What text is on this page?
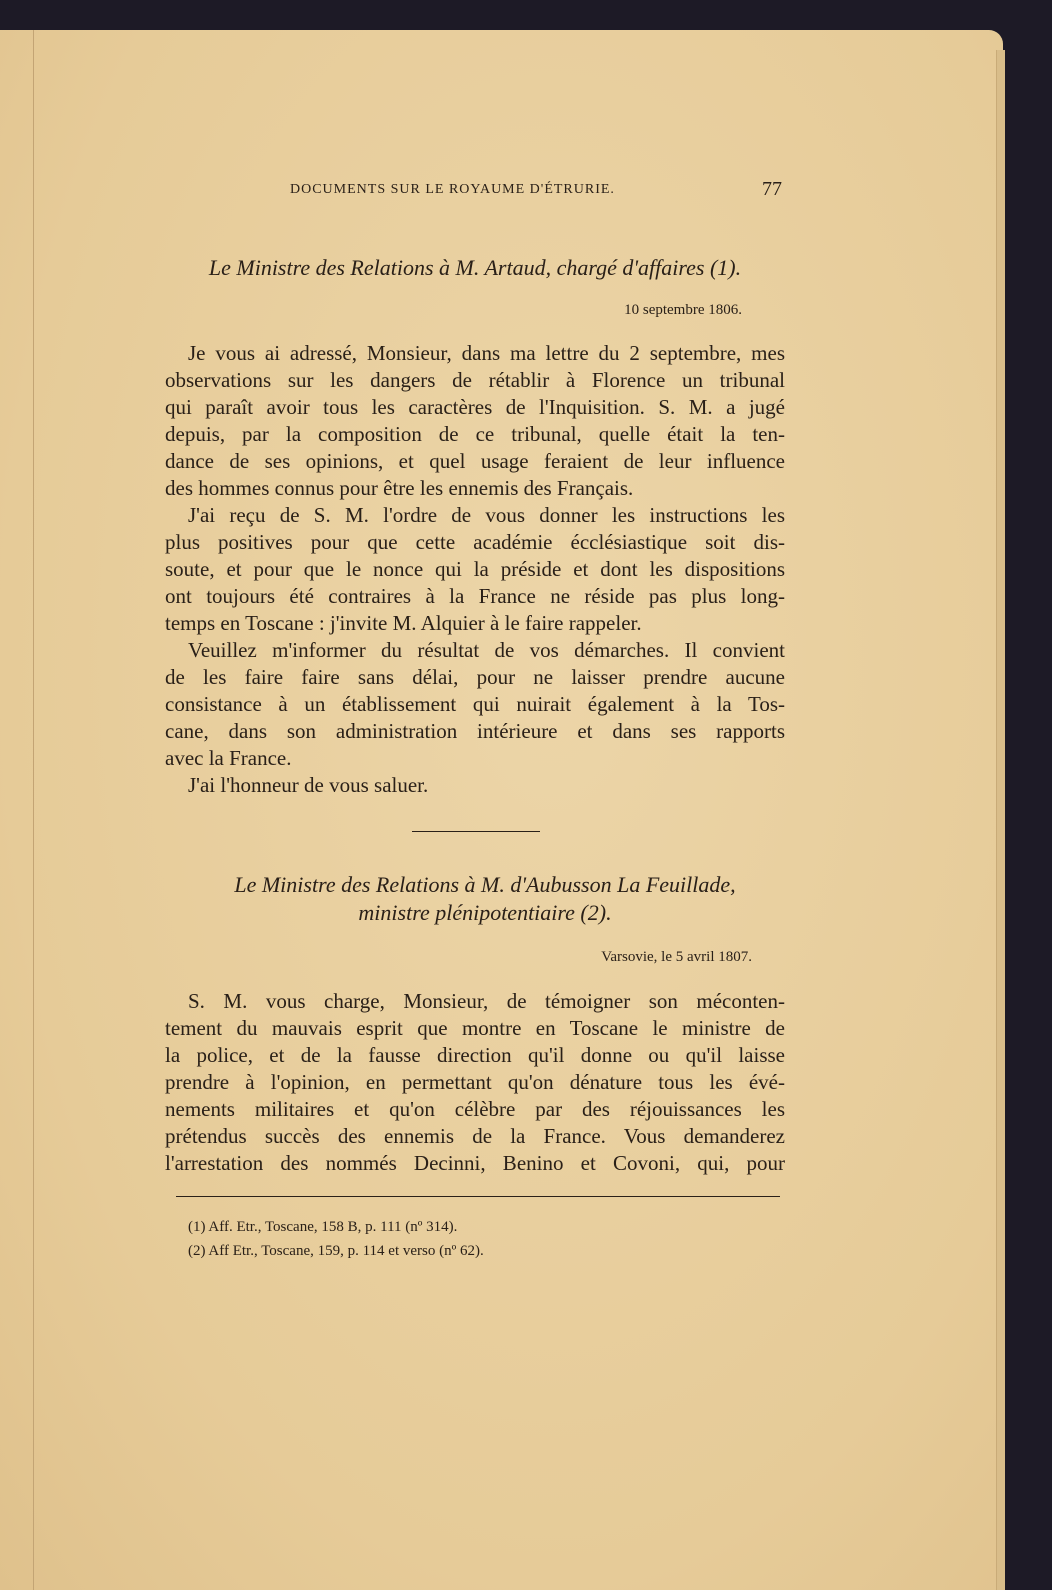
DOCUMENTS SUR LE ROYAUME D'ÉTRURIE.	77
Le Ministre des Relations à M. Artaud, chargé d'affaires (1).
10 septembre 1806.
Je vous ai adressé, Monsieur, dans ma lettre du 2 septembre, mes
observations sur les dangers de rétablir à Florence un tribunal
qui paraît avoir tous les caractères de l'Inquisition. S. M. a jugé
depuis, par la composition de ce tribunal, quelle était la ten-
dance de ses opinions, et quel usage feraient de leur influence
des hommes connus pour être les ennemis des Français.
J'ai reçu de S. M. l'ordre de vous donner les instructions les
plus positives pour que cette académie écclésiastique soit dis-
soute, et pour que le nonce qui la préside et dont les dispositions
ont toujours été contraires à la France ne réside pas plus long-
temps en Toscane : j'invite M. Alquier à le faire rappeler.
Veuillez m'informer du résultat de vos démarches. Il convient
de les faire faire sans délai, pour ne laisser prendre aucune
consistance à un établissement qui nuirait également à la Tos-
cane, dans son administration intérieure et dans ses rapports
avec la France.
J'ai l'honneur de vous saluer.
Le Ministre des Relations à M. d'Aubusson La Feuillade,
ministre plénipotentiaire (2).
Varsovie, le 5 avril 1807.
S. M. vous charge, Monsieur, de témoigner son méconten-
tement du mauvais esprit que montre en Toscane le ministre de
la police, et de la fausse direction qu'il donne ou qu'il laisse
prendre à l'opinion, en permettant qu'on dénature tous les évé-
nements militaires et qu'on célèbre par des réjouissances les
prétendus succès des ennemis de la France. Vous demanderez
l'arrestation des nommés Decinni, Benino et Covoni, qui, pour
(1) Aff. Etr., Toscane, 158 B, p. 111 (nº 314).
(2) Aff Etr., Toscane, 159, p. 114 et verso (nº 62).
